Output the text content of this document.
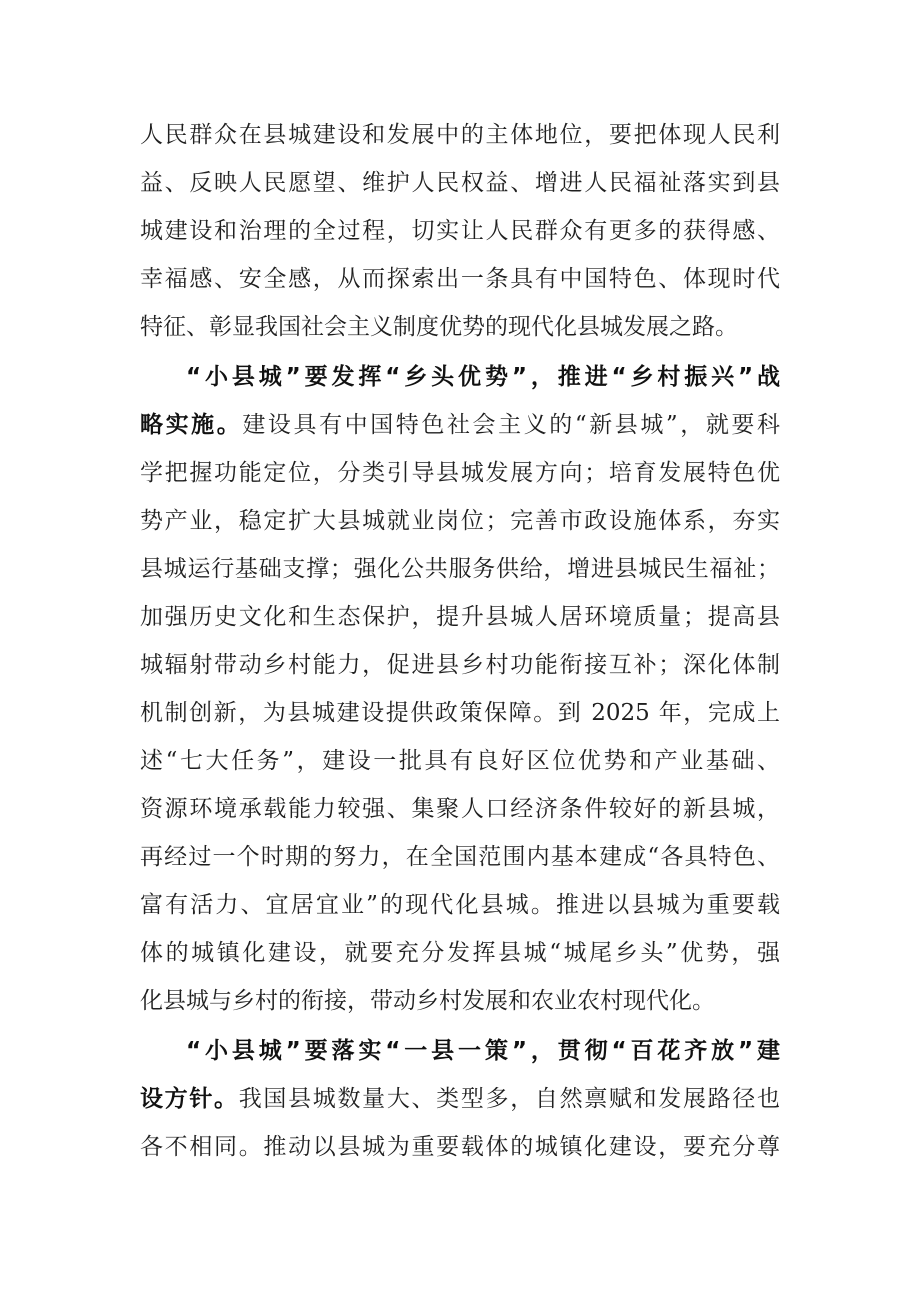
人民群众在县城建设和发展中的主体地位，要把体现人民利

益、反映人民愿望、维护人民权益、增进人民福祉落实到县

城建设和治理的全过程，切实让人民群众有更多的获得感、

幸福感、安全感，从而探索出一条具有中国特色、体现时代

特征、彰显我国社会主义制度优势的现代化县城发展之路。

“小县城”要发挥“乡头优势”，推进“乡村振兴”战

略实施。建设具有中国特色社会主义的“新县城”，就要科

学把握功能定位，分类引导县城发展方向；培育发展特色优

势产业，稳定扩大县城就业岗位；完善市政设施体系，夯实

县城运行基础支撑；强化公共服务供给，增进县城民生福祉；

加强历史文化和生态保护，提升县城人居环境质量；提高县

城辐射带动乡村能力，促进县乡村功能衔接互补；深化体制

机制创新，为县城建设提供政策保障。到 2025 年，完成上

述“七大任务”，建设一批具有良好区位优势和产业基础、

资源环境承载能力较强、集聚人口经济条件较好的新县城，

再经过一个时期的努力，在全国范围内基本建成“各具特色、

富有活力、宜居宜业”的现代化县城。推进以县城为重要载

体的城镇化建设，就要充分发挥县城“城尾乡头”优势，强

化县城与乡村的衔接，带动乡村发展和农业农村现代化。

“小县城”要落实“一县一策”，贯彻“百花齐放”建

设方针。我国县城数量大、类型多，自然禀赋和发展路径也

各不相同。推动以县城为重要载体的城镇化建设，要充分尊
